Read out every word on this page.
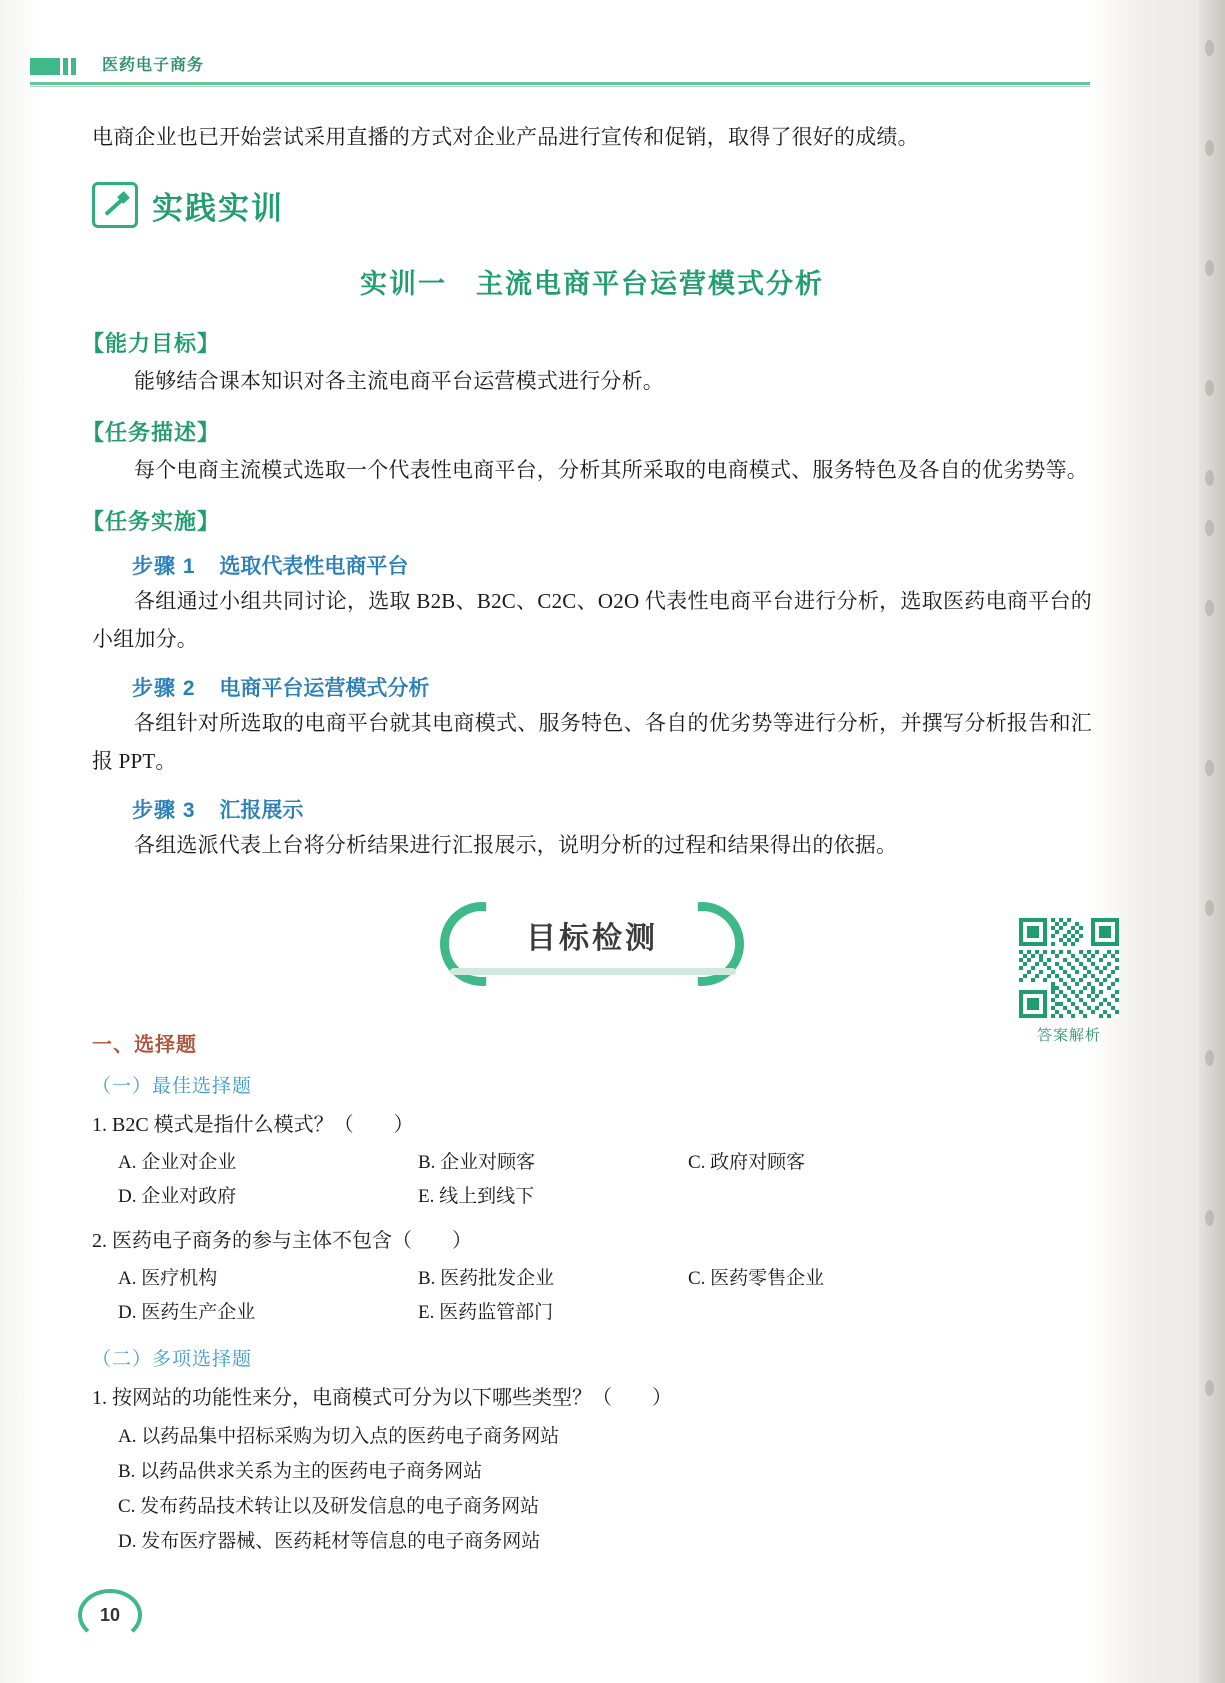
医药电子商务

电商企业也已开始尝试采用直播的方式对企业产品进行宣传和促销，取得了很好的成绩。

实践实训
实训一　主流电商平台运营模式分析
【能力目标】

能够结合课本知识对各主流电商平台运营模式进行分析。

【任务描述】

每个电商主流模式选取一个代表性电商平台，分析其所采取的电商模式、服务特色及各自的优劣势等。

【任务实施】
步骤 1 选取代表性电商平台

各组通过小组共同讨论，选取 B2B、B2C、C2C、O2O 代表性电商平台进行分析，选取医药电商平台的小组加分。

步骤 2 电商平台运营模式分析

各组针对所选取的电商平台就其电商模式、服务特色、各自的优劣势等进行分析，并撰写分析报告和汇报 PPT。

步骤 3 汇报展示

各组选派代表上台将分析结果进行汇报展示，说明分析的过程和结果得出的依据。

目标检测
一、选择题
（一）最佳选择题
1. B2C 模式是指什么模式？（　　）
A. 企业对企业	B. 企业对顾客	C. 政府对顾客
D. 企业对政府	E. 线上到线下
2. 医药电子商务的参与主体不包含（　　）
A. 医疗机构	B. 医药批发企业	C. 医药零售企业
D. 医药生产企业	E. 医药监管部门
（二）多项选择题
1. 按网站的功能性来分，电商模式可分为以下哪些类型？（　　）
A. 以药品集中招标采购为切入点的医药电子商务网站
B. 以药品供求关系为主的医药电子商务网站
C. 发布药品技术转让以及研发信息的电子商务网站
D. 发布医疗器械、医药耗材等信息的电子商务网站
答案解析
10
